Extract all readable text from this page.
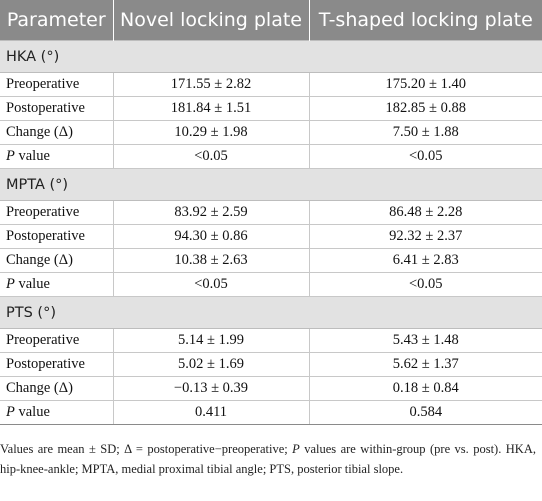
Parameter	Novel locking plate	T-shaped locking plate
HKA (°)		
Preoperative	171.55 ± 2.82	175.20 ± 1.40
Postoperative	181.84 ± 1.51	182.85 ± 0.88
Change (Δ)	10.29 ± 1.98	7.50 ± 1.88
P value	<0.05	<0.05
MPTA (°)		
Preoperative	83.92 ± 2.59	86.48 ± 2.28
Postoperative	94.30 ± 0.86	92.32 ± 2.37
Change (Δ)	10.38 ± 2.63	6.41 ± 2.83
P value	<0.05	<0.05
PTS (°)		
Preoperative	5.14 ± 1.99	5.43 ± 1.48
Postoperative	5.02 ± 1.69	5.62 ± 1.37
Change (Δ)	−0.13 ± 0.39	0.18 ± 0.84
P value	0.411	0.584
Values are mean ± SD; Δ = postoperative−preoperative; P values are within-group (pre vs. post). HKA, hip-knee-ankle; MPTA, medial proximal tibial angle; PTS, posterior tibial slope.
